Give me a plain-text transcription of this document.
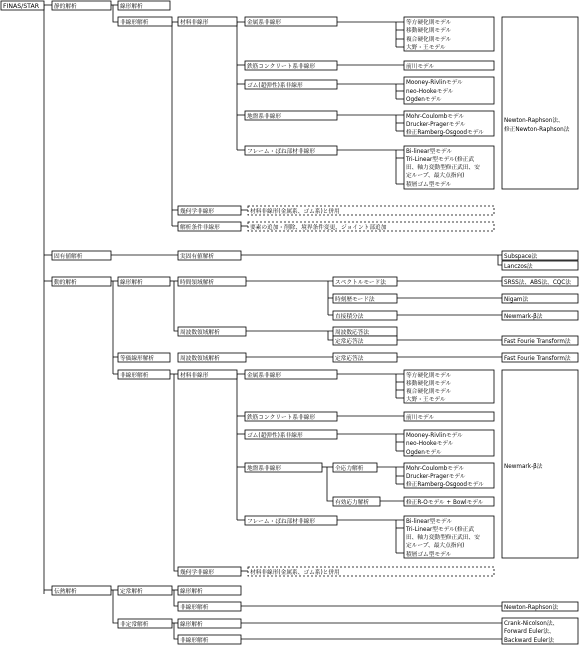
FINAS/STAR	静的解析	線形解析
非線形解析	材料非線形	金属系非線形	等方硬化則モデル
移動硬化則モデル
複合硬化則モデル
大野・王モデル
鉄筋コンクリート系非線形	前川モデル
ゴム(超弾性)系非線形	Mooney-Rivlinモデル
neo-Hookeモデル
Ogdenモデル
地盤系非線形	Mohr-Coulombモデル
Drucker-Pragerモデル
修正Ramberg-Osgoodモデル
フレーム・ばね部材非線形	Bi-linear型モデル
Tri-Linear型モデル(修正武
田、軸力変動型修正武田、安
定ループ、最大点指向)
積層ゴム型モデル
Newton-Raphson法、
修正Newton-Raphson法
幾何学非線形	材料非線形(金属系、ゴム系)と併用
解析条件非線形	要素の追加・削除、境界条件変更、ジョイント部追加
固有値解析	実固有値解析	Subspace法
Lanczos法
動的解析	線形解析	時間領域解析	スペクトルモード法	SRSS法、ABS法、CQC法
時刻歴モード法	Nigam法
直接積分法	Newmark-β法
周波数領域解析	周波数応答法
定常応答法	Fast Fourie Transform法
等価線形解析	周波数領域解析	定常応答法	Fast Fourie Transform法
非線形解析	材料非線形	金属系非線形	等方硬化則モデル
移動硬化則モデル
複合硬化則モデル
大野・王モデル
鉄筋コンクリート系非線形	前川モデル
ゴム(超弾性)系非線形	Mooney-Rivlinモデル
neo-Hookeモデル
Ogdenモデル
地盤系非線形	全応力解析	Mohr-Coulombモデル
Drucker-Pragerモデル
修正Ramberg-Osgoodモデル
有効応力解析	修正R-Oモデル + Bowlモデル
フレーム・ばね部材非線形	Bi-linear型モデル
Tri-Linear型モデル(修正武
田、軸力変動型修正武田、安
定ループ、最大点指向)
積層ゴム型モデル
Newmark-β法
幾何学非線形	材料非線形(金属系、ゴム系)と併用
伝熱解析	定常解析	線形解析
非線形解析	Newton-Raphson法
非定常解析	線形解析
非線形解析
Crank-Nicolson法、
Forward Euler法、
Backward Euler法
